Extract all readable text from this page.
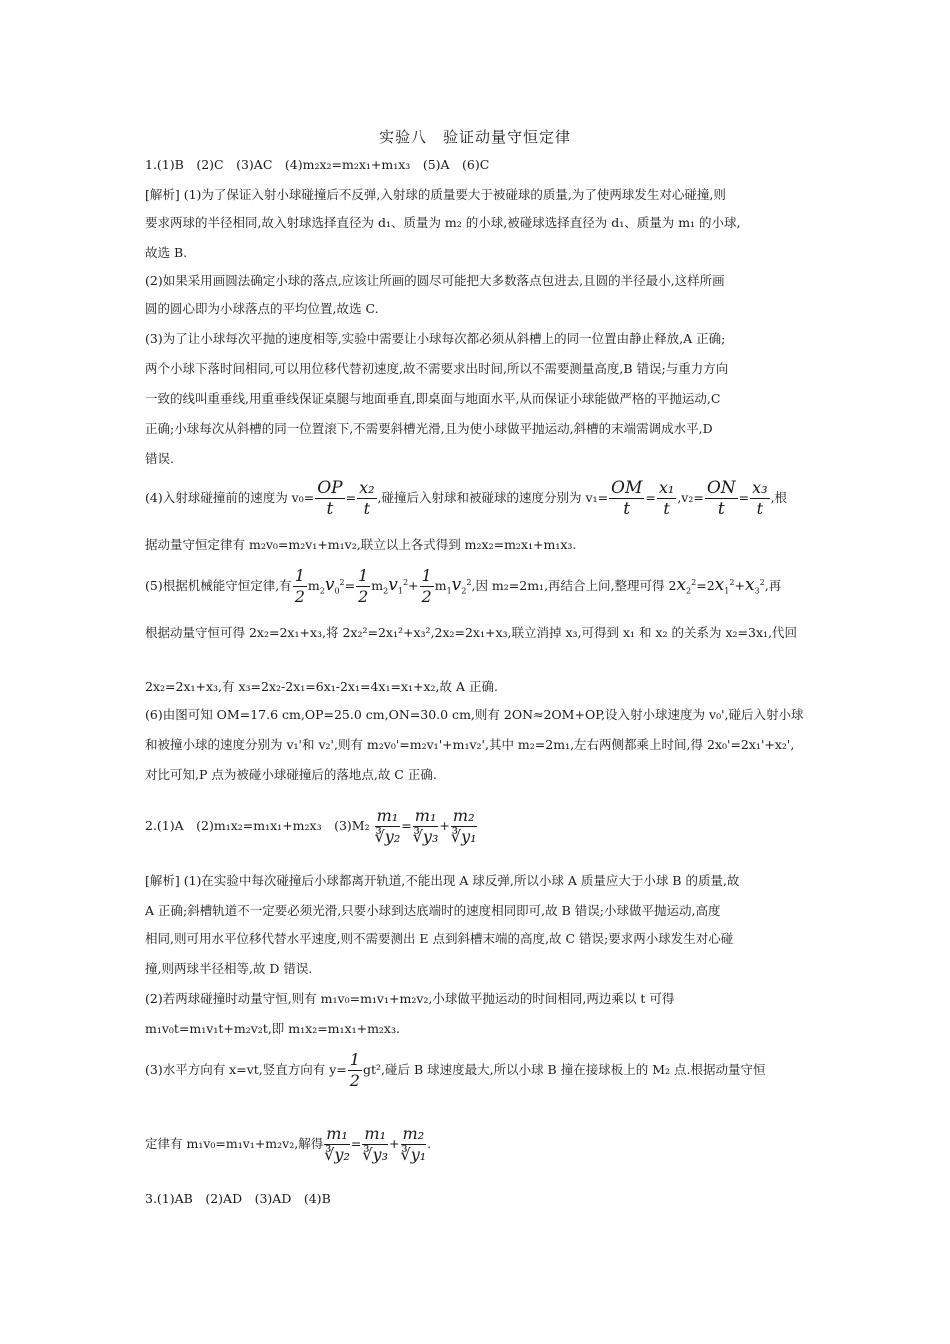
实验八　验证动量守恒定律
1.(1)B　(2)C　(3)AC　(4)m₂x₂=m₂x₁+m₁x₃　(5)A　(6)C
[解析] (1)为了保证入射小球碰撞后不反弹,入射球的质量要大于被碰球的质量,为了使两球发生对心碰撞,则
要求两球的半径相同,故入射球选择直径为 d₁、质量为 m₂ 的小球,被碰球选择直径为 d₁、质量为 m₁ 的小球,
故选 B.
(2)如果采用画圆法确定小球的落点,应该让所画的圆尽可能把大多数落点包进去,且圆的半径最小,这样所画
圆的圆心即为小球落点的平均位置,故选 C.
(3)为了让小球每次平抛的速度相等,实验中需要让小球每次都必须从斜槽上的同一位置由静止释放,A 正确;
两个小球下落时间相同,可以用位移代替初速度,故不需要求出时间,所以不需要测量高度,B 错误;与重力方向
一致的线叫重垂线,用重垂线保证桌腿与地面垂直,即桌面与地面水平,从而保证小球能做严格的平抛运动,C
正确;小球每次从斜槽的同一位置滚下,不需要斜槽光滑,且为使小球做平抛运动,斜槽的末端需调成水平,D
错误.
(4)入射球碰撞前的速度为 $v_0= \frac{OP}{t} = \frac{\text{x₂}}{t}$ ,碰撞后入射球和被碰球的速度分别为 $v_1= \frac{OM}{t} = \frac{\text{x₁}}{t} ,v_2= \frac{ON}{t} = \frac{\text{x₃}}{t}$ ,根
据动量守恒定律有 m₂v₀=m₂v₁+m₁v₂,联立以上各式得到 m₂x₂=m₂x₁+m₁x₃.
(5)根据机械能守恒定律,有 $\frac{1}{2} m_2v_0^2= \frac{1}{2} m_2v_1^2+ \frac{1}{2} m_1v_2^2$,因 m₂=2m₁,再结合上问,整理可得 $2x_2^2=2x_1^2+x_3^2$,再
根据动量守恒可得 2x₂=2x₁+x₃,将 2x₂²=2x₁²+x₃²,2x₂=2x₁+x₃,联立消掉 x₃,可得到 x₁ 和 x₂ 的关系为 x₂=3x₁,代回
2x₂=2x₁+x₃,有 x₃=2x₂-2x₁=6x₁-2x₁=4x₁=x₁+x₂,故 A 正确.
(6)由图可知 OM=17.6 cm,OP=25.0 cm,ON=30.0 cm,则有 2ON≈2OM+OP,设入射小球速度为 v₀',碰后入射小球
和被撞小球的速度分别为 v₁'和 v₂',则有 m₂v₀'=m₂v₁'+m₁v₂',其中 m₂=2m₁,左右两侧都乘上时间,得 2x₀'=2x₁'+x₂',
对比可知,P 点为被碰小球碰撞后的落地点,故 C 正确.
2.(1)A　(2)m₁x₂=m₁x₁+m₂x₃　$(3)M_2 \frac{\text{m₁}}{\text{∛y₂}} = \frac{\text{m₁}}{\text{∛y₃}} + \frac{\text{m₂}}{\text{∛y₁}}$
[解析] (1)在实验中每次碰撞后小球都离开轨道,不能出现 A 球反弹,所以小球 A 质量应大于小球 B 的质量,故
A 正确;斜槽轨道不一定要必须光滑,只要小球到达底端时的速度相同即可,故 B 错误;小球做平抛运动,高度
相同,则可用水平位移代替水平速度,则不需要测出 E 点到斜槽末端的高度,故 C 错误;要求两小球发生对心碰
撞,则两球半径相等,故 D 错误.
(2)若两球碰撞时动量守恒,则有 m₁v₀=m₁v₁+m₂v₂,小球做平抛运动的时间相同,两边乘以 t 可得
m₁v₀t=m₁v₁t+m₂v₂t,即 m₁x₂=m₁x₁+m₂x₃.
(3)水平方向有 x=vt,竖直方向有 $y= \frac{1}{2} gt^2$,碰后 B 球速度最大,所以小球 B 撞在接球板上的 M₂ 点.根据动量守恒
定律有 m₁v₀=m₁v₁+m₂v₂,解得 $\frac{\text{m₁}}{\text{∛y₂}} = \frac{\text{m₁}}{\text{∛y₃}} + \frac{\text{m₂}}{\text{∛y₁}}$ .
3.(1)AB　(2)AD　(3)AD　(4)B
